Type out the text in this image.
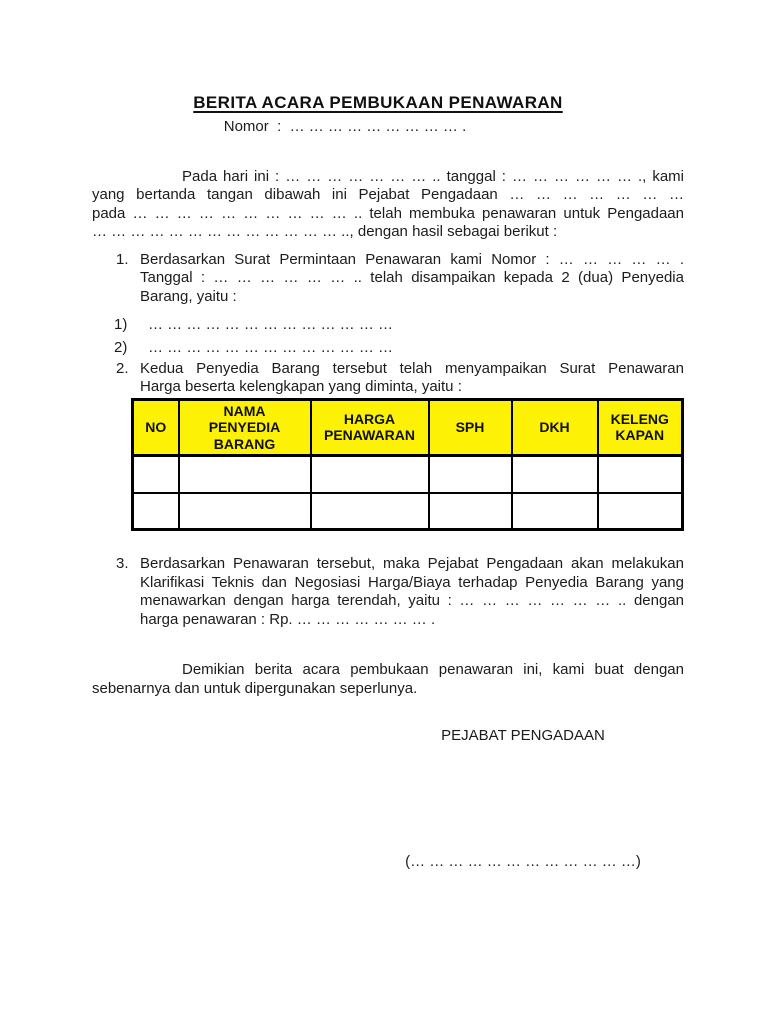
BERITA ACARA PEMBUKAAN PENAWARAN
Nomor  :  … … … … … … … … … .
Pada hari ini : … … … … … … … .. tanggal : … … … … … … ., kami
yang bertanda tangan dibawah ini Pejabat Pengadaan … … … … … … …
pada … … … … … … … … … … .. telah membuka penawaran untuk Pengadaan
… … … … … … … … … … … … … .., dengan hasil sebagai berikut :
1. Berdasarkan Surat Permintaan Penawaran kami Nomor : … … … … … .
Tanggal : … … … … … … .. telah disampaikan kepada 2 (dua) Penyedia
Barang, yaitu :
1)	… … … … … … … … … … … … …
2)	… … … … … … … … … … … … …
2. Kedua Penyedia Barang tersebut telah menyampaikan Surat Penawaran
Harga beserta kelengkapan yang diminta, yaitu :
NO	NAMA
PENYEDIA
BARANG	HARGA
PENAWARAN	SPH	DKH	KELENG
KAPAN

3. Berdasarkan Penawaran tersebut, maka Pejabat Pengadaan akan melakukan
Klarifikasi Teknis dan Negosiasi Harga/Biaya terhadap Penyedia Barang yang
menawarkan dengan harga terendah, yaitu : … … … … … … … .. dengan
harga penawaran : Rp. … … … … … … … .
Demikian berita acara pembukaan penawaran ini, kami buat dengan
sebenarnya dan untuk dipergunakan seperlunya.
PEJABAT PENGADAAN
(… … … … … … … … … … … …)
